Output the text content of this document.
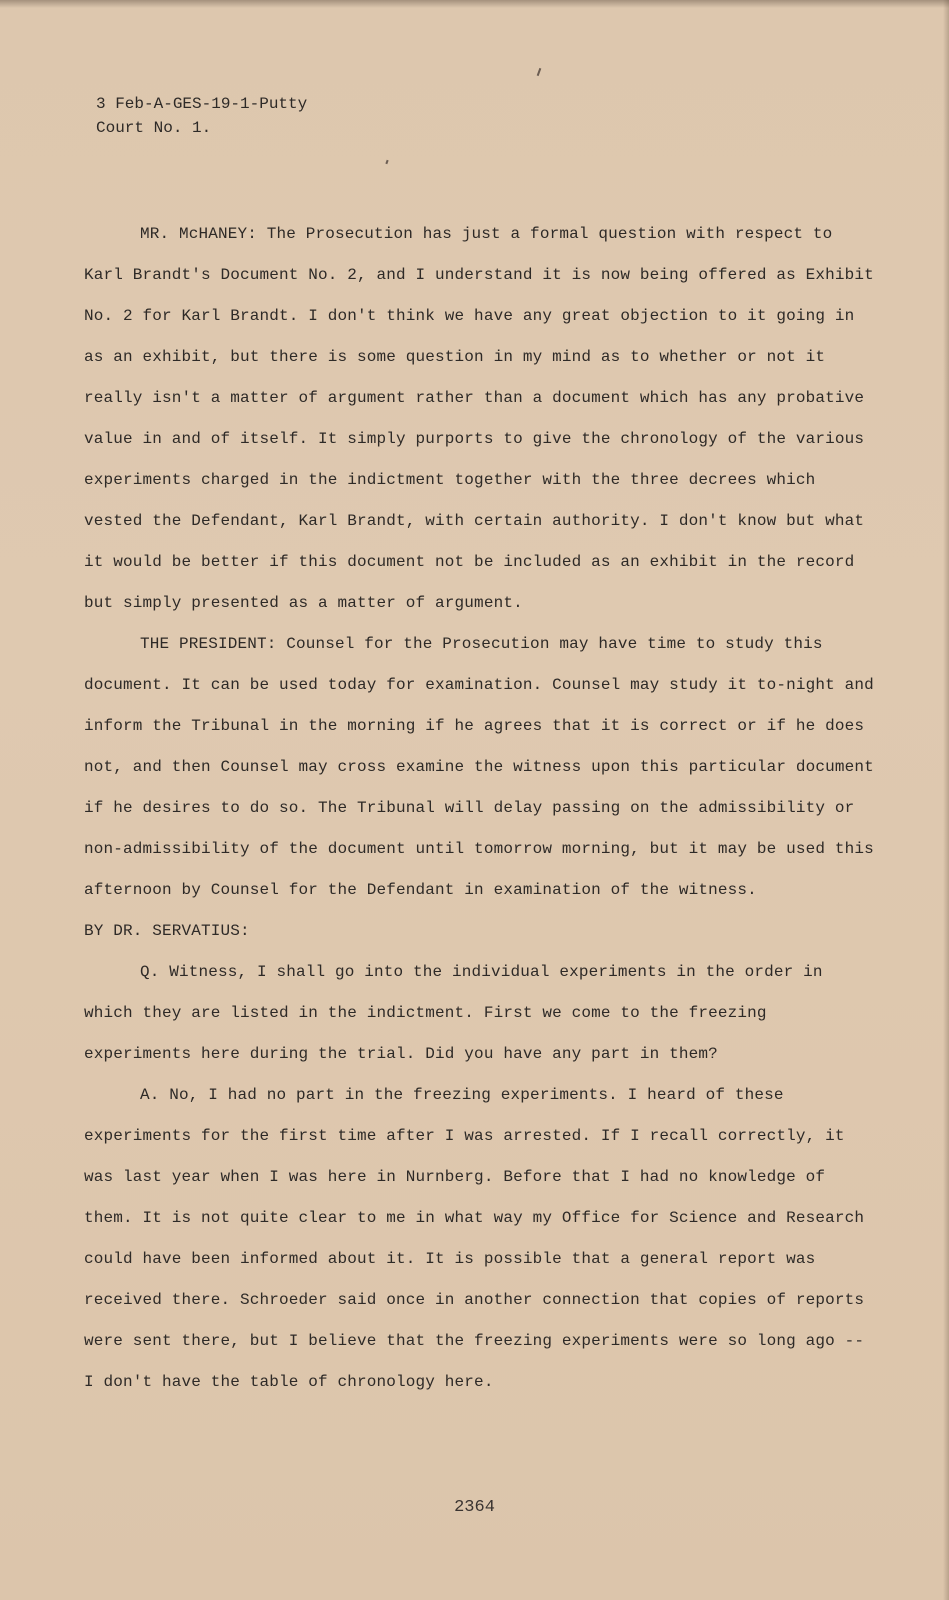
3 Feb-A-GES-19-1-Putty
Court No. 1.

MR. McHANEY: The Prosecution has just a formal question with respect to Karl Brandt's Document No. 2, and I understand it is now being offered as Exhibit No. 2 for Karl Brandt. I don't think we have any great objection to it going in as an exhibit, but there is some question in my mind as to whether or not it really isn't a matter of argument rather than a document which has any probative value in and of itself. It simply purports to give the chronology of the various experiments charged in the indictment together with the three decrees which vested the Defendant, Karl Brandt, with certain authority. I don't know but what it would be better if this document not be included as an exhibit in the record but simply presented as a matter of argument.

THE PRESIDENT: Counsel for the Prosecution may have time to study this document. It can be used today for examination. Counsel may study it to-night and inform the Tribunal in the morning if he agrees that it is correct or if he does not, and then Counsel may cross examine the witness upon this particular document if he desires to do so. The Tribunal will delay passing on the admissibility or non-admissibility of the document until tomorrow morning, but it may be used this afternoon by Counsel for the Defendant in examination of the witness.

BY DR. SERVATIUS:

Q. Witness, I shall go into the individual experiments in the order in which they are listed in the indictment. First we come to the freezing experiments here during the trial. Did you have any part in them?

A. No, I had no part in the freezing experiments. I heard of these experiments for the first time after I was arrested. If I recall correctly, it was last year when I was here in Nurnberg. Before that I had no knowledge of them. It is not quite clear to me in what way my Office for Science and Research could have been informed about it. It is possible that a general report was received there. Schroeder said once in another connection that copies of reports were sent there, but I believe that the freezing experiments were so long ago -- I don't have the table of chronology here.

2364
